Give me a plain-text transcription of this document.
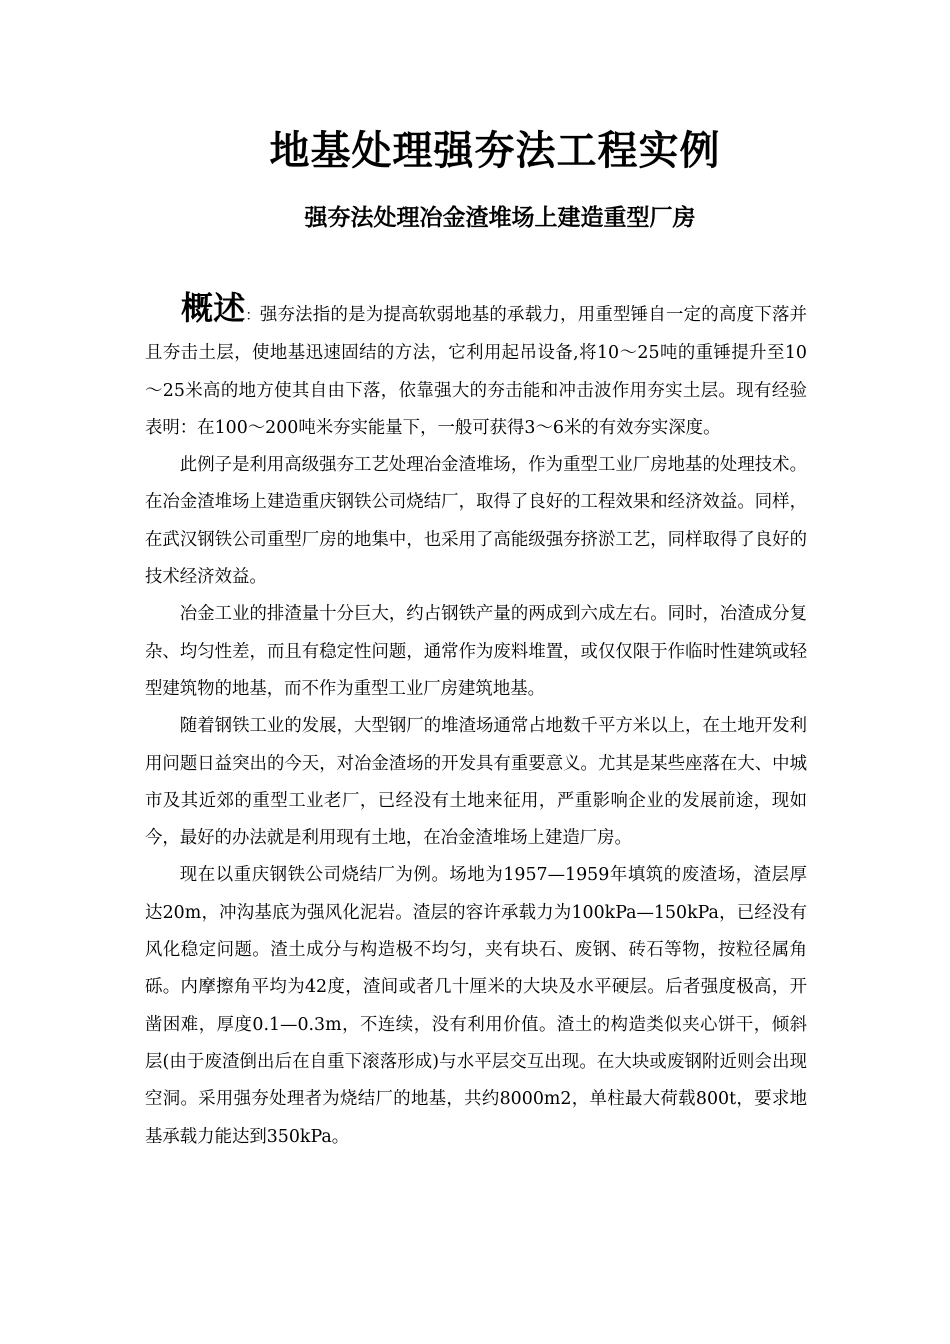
地基处理强夯法工程实例
强夯法处理冶金渣堆场上建造重型厂房

概述：强夯法指的是为提高软弱地基的承载力，用重型锤自一定的高度下落并且夯击土层，使地基迅速固结的方法，它利用起吊设备,将10～25吨的重锤提升至10～25米高的地方使其自由下落，依靠强大的夯击能和冲击波作用夯实土层。现有经验表明：在100～200吨米夯实能量下，一般可获得3～6米的有效夯实深度。

此例子是利用高级强夯工艺处理冶金渣堆场，作为重型工业厂房地基的处理技术。在冶金渣堆场上建造重庆钢铁公司烧结厂，取得了良好的工程效果和经济效益。同样，在武汉钢铁公司重型厂房的地集中，也采用了高能级强夯挤淤工艺，同样取得了良好的技术经济效益。

冶金工业的排渣量十分巨大，约占钢铁产量的两成到六成左右。同时，冶渣成分复杂、均匀性差，而且有稳定性问题，通常作为废料堆置，或仅仅限于作临时性建筑或轻型建筑物的地基，而不作为重型工业厂房建筑地基。

随着钢铁工业的发展，大型钢厂的堆渣场通常占地数千平方米以上，在土地开发利用问题日益突出的今天，对冶金渣场的开发具有重要意义。尤其是某些座落在大、中城市及其近郊的重型工业老厂，已经没有土地来征用，严重影响企业的发展前途，现如今，最好的办法就是利用现有土地，在冶金渣堆场上建造厂房。

现在以重庆钢铁公司烧结厂为例。场地为1957—1959年填筑的废渣场，渣层厚达20m，冲沟基底为强风化泥岩。渣层的容许承载力为100kPa—150kPa，已经没有风化稳定问题。渣土成分与构造极不均匀，夹有块石、废钢、砖石等物，按粒径属角砾。内摩擦角平均为42度，渣间或者几十厘米的大块及水平硬层。后者强度极高，开凿困难，厚度0.1—0.3m，不连续，没有利用价值。渣土的构造类似夹心饼干，倾斜层(由于废渣倒出后在自重下滚落形成)与水平层交互出现。在大块或废钢附近则会出现空洞。采用强夯处理者为烧结厂的地基，共约8000m2，单柱最大荷载800t，要求地基承载力能达到350kPa。
